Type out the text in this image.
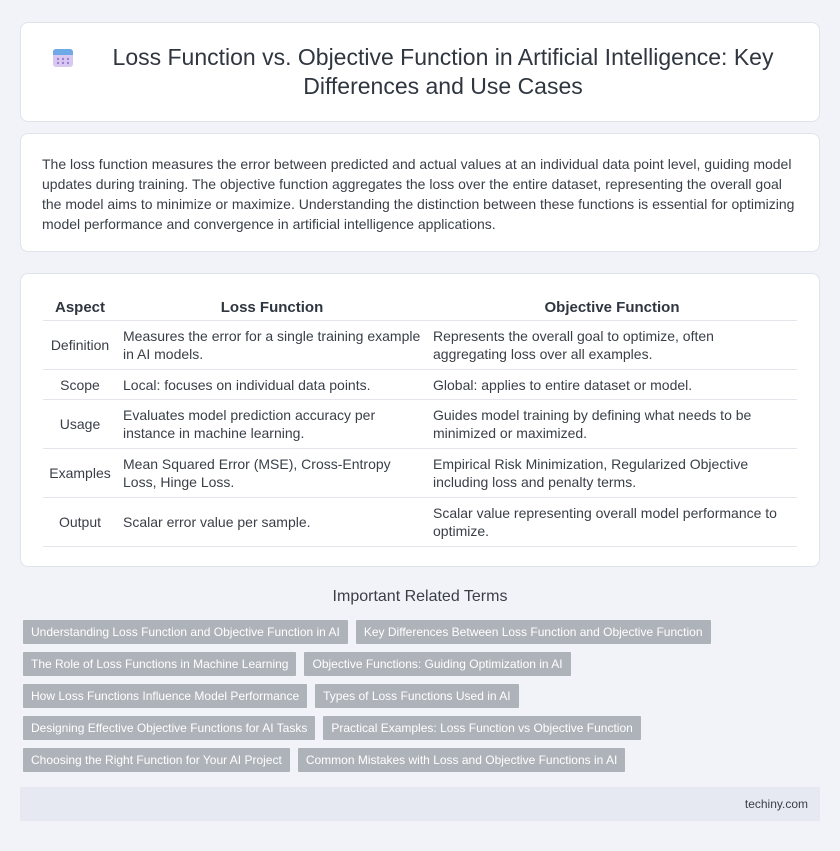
Loss Function vs. Objective Function in Artificial Intelligence: Key Differences and Use Cases

The loss function measures the error between predicted and actual values at an individual data point level, guiding model updates during training. The objective function aggregates the loss over the entire dataset, representing the overall goal the model aims to minimize or maximize. Understanding the distinction between these functions is essential for optimizing model performance and convergence in artificial intelligence applications.

Aspect	Loss Function	Objective Function
Definition	Measures the error for a single training example in AI models.	Represents the overall goal to optimize, often aggregating loss over all examples.
Scope	Local: focuses on individual data points.	Global: applies to entire dataset or model.
Usage	Evaluates model prediction accuracy per instance in machine learning.	Guides model training by defining what needs to be minimized or maximized.
Examples	Mean Squared Error (MSE), Cross-Entropy Loss, Hinge Loss.	Empirical Risk Minimization, Regularized Objective including loss and penalty terms.
Output	Scalar error value per sample.	Scalar value representing overall model performance to optimize.
Important Related Terms
Understanding Loss Function and Objective Function in AI	Key Differences Between Loss Function and Objective Function
The Role of Loss Functions in Machine Learning	Objective Functions: Guiding Optimization in AI
How Loss Functions Influence Model Performance	Types of Loss Functions Used in AI
Designing Effective Objective Functions for AI Tasks	Practical Examples: Loss Function vs Objective Function
Choosing the Right Function for Your AI Project	Common Mistakes with Loss and Objective Functions in AI
techiny.com
